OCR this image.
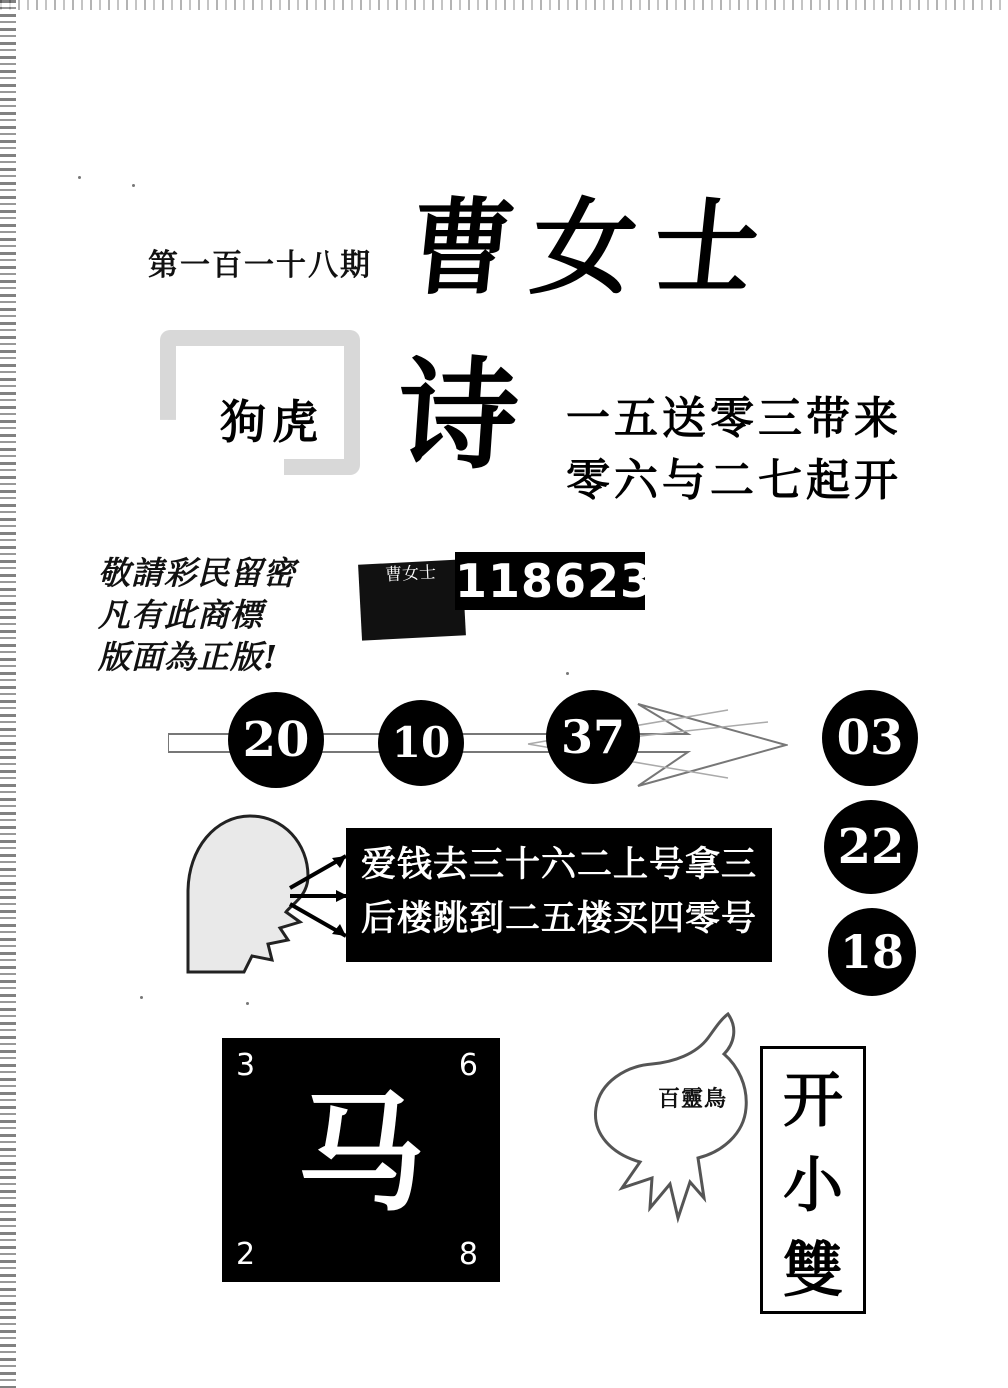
第一百一十八期 曹女士
狗虎 诗 一五送零三带来
零六与二七起开
敬請彩民留密
凡有此商標
版面為正版!
曹女士 118623
20	10	37	03
22
18
爱钱去三十六二上号拿三
后楼跳到二五楼买四零号
3	6
马
2	8
百靈鳥 开
小
雙
